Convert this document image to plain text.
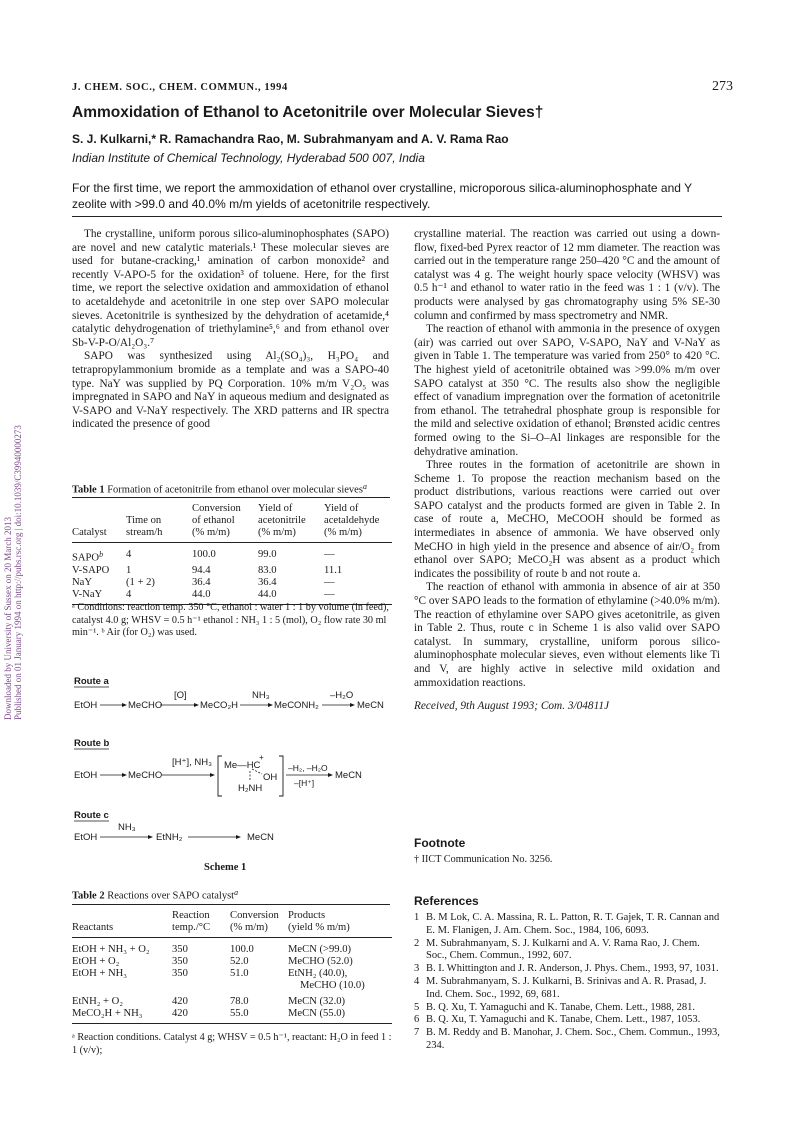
J. CHEM. SOC., CHEM. COMMUN., 1994	273
Ammoxidation of Ethanol to Acetonitrile over Molecular Sieves†
S. J. Kulkarni,* R. Ramachandra Rao, M. Subrahmanyam and A. V. Rama Rao
Indian Institute of Chemical Technology, Hyderabad 500 007, India
For the first time, we report the ammoxidation of ethanol over crystalline, microporous silica-aluminophosphate and Y zeolite with >99.0 and 40.0% m/m yields of acetonitrile respectively.
Downloaded by University of Sussex on 20 March 2013 Published on 01 January 1994 on http://pubs.rsc.org | doi:10.1039/C39940000273

The crystalline, uniform porous silico-aluminophosphates (SAPO) are novel and new catalytic materials.¹ These molecular sieves are used for butane-cracking,¹ amination of carbon monoxide² and recently V-APO-5 for the oxidation³ of toluene. Here, for the first time, we report the selective oxidation and ammoxidation of ethanol to acetaldehyde and acetonitrile in one step over SAPO molecular sieves. Acetonitrile is synthesized by the dehydration of acetamide,⁴ catalytic dehydrogenation of triethylamine⁵,⁶ and from ethanol over Sb-V-P-O/Al₂O₃.⁷

SAPO was synthesized using Al₂(SO₄)₃, H₃PO₄ and tetrapropylammonium bromide as a template and was a SAPO-40 type. NaY was supplied by PQ Corporation. 10% m/m V₂O₅ was impregnated in SAPO and NaY in aqueous medium and designated as V-SAPO and V-NaY respectively. The XRD patterns and IR spectra indicated the presence of good

Table 1 Formation of acetonitrile from ethanol over molecular sieves$^a$
		Conversion	Yield of	Yield of
	Time on	of ethanol	acetonitrile	acetaldehyde
Catalyst	stream/h	(% m/m)	(% m/m)	(% m/m)
SAPO$^b$	4	100.0	99.0	—
V-SAPO	1	94.4	83.0	11.1
NaY	(1 + 2)	36.4	36.4	—
V-NaY	4	44.0	44.0	—
ᵃ Conditions: reaction temp. 350 °C, ethanol : water 1 : 1 by volume (in feed), catalyst 4.0 g; WHSV = 0.5 h⁻¹ ethanol : NH₃ 1 : 5 (mol), O₂ flow rate 30 ml min⁻¹. ᵇ Air (for O₂) was used.
Route a
EtOH	MeCHO
[O]
MeCO₂H
NH₃
MeCONH₂
–H₂O
MeCN
Route b
EtOH	MeCHO
[H⁺], NH₃ Me—HC
+
OH
H₂NH
–H₂, –H₂O
–[H⁺]
MeCN
Route c
EtOH
NH₃
EtNH₂	MeCN
Scheme 1
Table 2 Reactions over SAPO catalyst$^a$
	Reaction	Conversion	Products
Reactants	temp./°C	(% m/m)	(yield % m/m)
EtOH + NH₃ + O₂	350	100.0	MeCN (>99.0)
EtOH + O₂	350	52.0	MeCHO (52.0)
EtOH + NH₃	350	51.0	EtNH₂ (40.0),
			MeCHO (10.0)
EtNH₂ + O₂	420	78.0	MeCN (32.0)
MeCO₂H + NH₃	420	55.0	MeCN (55.0)
ᵃ Reaction conditions. Catalyst 4 g; WHSV = 0.5 h⁻¹, reactant: H₂O in feed 1 : 1 (v/v);

crystalline material. The reaction was carried out using a down-flow, fixed-bed Pyrex reactor of 12 mm diameter. The reaction was carried out in the temperature range 250–420 °C and the amount of catalyst was 4 g. The weight hourly space velocity (WHSV) was 0.5 h⁻¹ and ethanol to water ratio in the feed was 1 : 1 (v/v). The products were analysed by gas chromatography using 5% SE-30 column and confirmed by mass spectrometry and NMR.

The reaction of ethanol with ammonia in the presence of oxygen (air) was carried out over SAPO, V-SAPO, NaY and V-NaY as given in Table 1. The temperature was varied from 250° to 420 °C. The highest yield of acetonitrile obtained was >99.0% m/m over SAPO catalyst at 350 °C. The results also show the negligible effect of vanadium impregnation over the formation of acetonitrile from ethanol. The tetrahedral phosphate group is responsible for the mild and selective oxidation of ethanol; Brønsted acidic centres formed owing to the Si–O–Al linkages are responsible for the dehydrative amination.

Three routes in the formation of acetonitrile are shown in Scheme 1. To propose the reaction mechanism based on the product distributions, various reactions were carried out over SAPO catalyst and the products formed are given in Table 2. In case of route a, MeCHO, MeCOOH should be formed as intermediates in absence of ammonia. We have observed only MeCHO in high yield in the presence and absence of air/O₂ from ethanol over SAPO; MeCO₂H was absent as a product which indicates the possibility of route b and not route a.

The reaction of ethanol with ammonia in absence of air at 350 °C over SAPO leads to the formation of ethylamine (>40.0% m/m). The reaction of ethylamine over SAPO gives acetonitrile, as given in Table 2. Thus, route c in Scheme 1 is also valid over SAPO catalyst. In summary, crystalline, uniform porous silico-aluminophosphate molecular sieves, even without elements like Ti and V, are highly active in selective mild oxidation and ammoxidation reactions.

Received, 9th August 1993; Com. 3/04811J

Footnote
† IICT Communication No. 3256.
References
1 B. M Lok, C. A. Massina, R. L. Patton, R. T. Gajek, T. R. Cannan and E. M. Flanigen, J. Am. Chem. Soc., 1984, 106, 6093.
2 M. Subrahmanyam, S. J. Kulkarni and A. V. Rama Rao, J. Chem. Soc., Chem. Commun., 1992, 607.
3 B. I. Whittington and J. R. Anderson, J. Phys. Chem., 1993, 97, 1031.
4 M. Subrahmanyam, S. J. Kulkarni, B. Srinivas and A. R. Prasad, J. Ind. Chem. Soc., 1992, 69, 681.
5 B. Q. Xu, T. Yamaguchi and K. Tanabe, Chem. Lett., 1988, 281.
6 B. Q. Xu, T. Yamaguchi and K. Tanabe, Chem. Lett., 1987, 1053.
7 B. M. Reddy and B. Manohar, J. Chem. Soc., Chem. Commun., 1993, 234.
